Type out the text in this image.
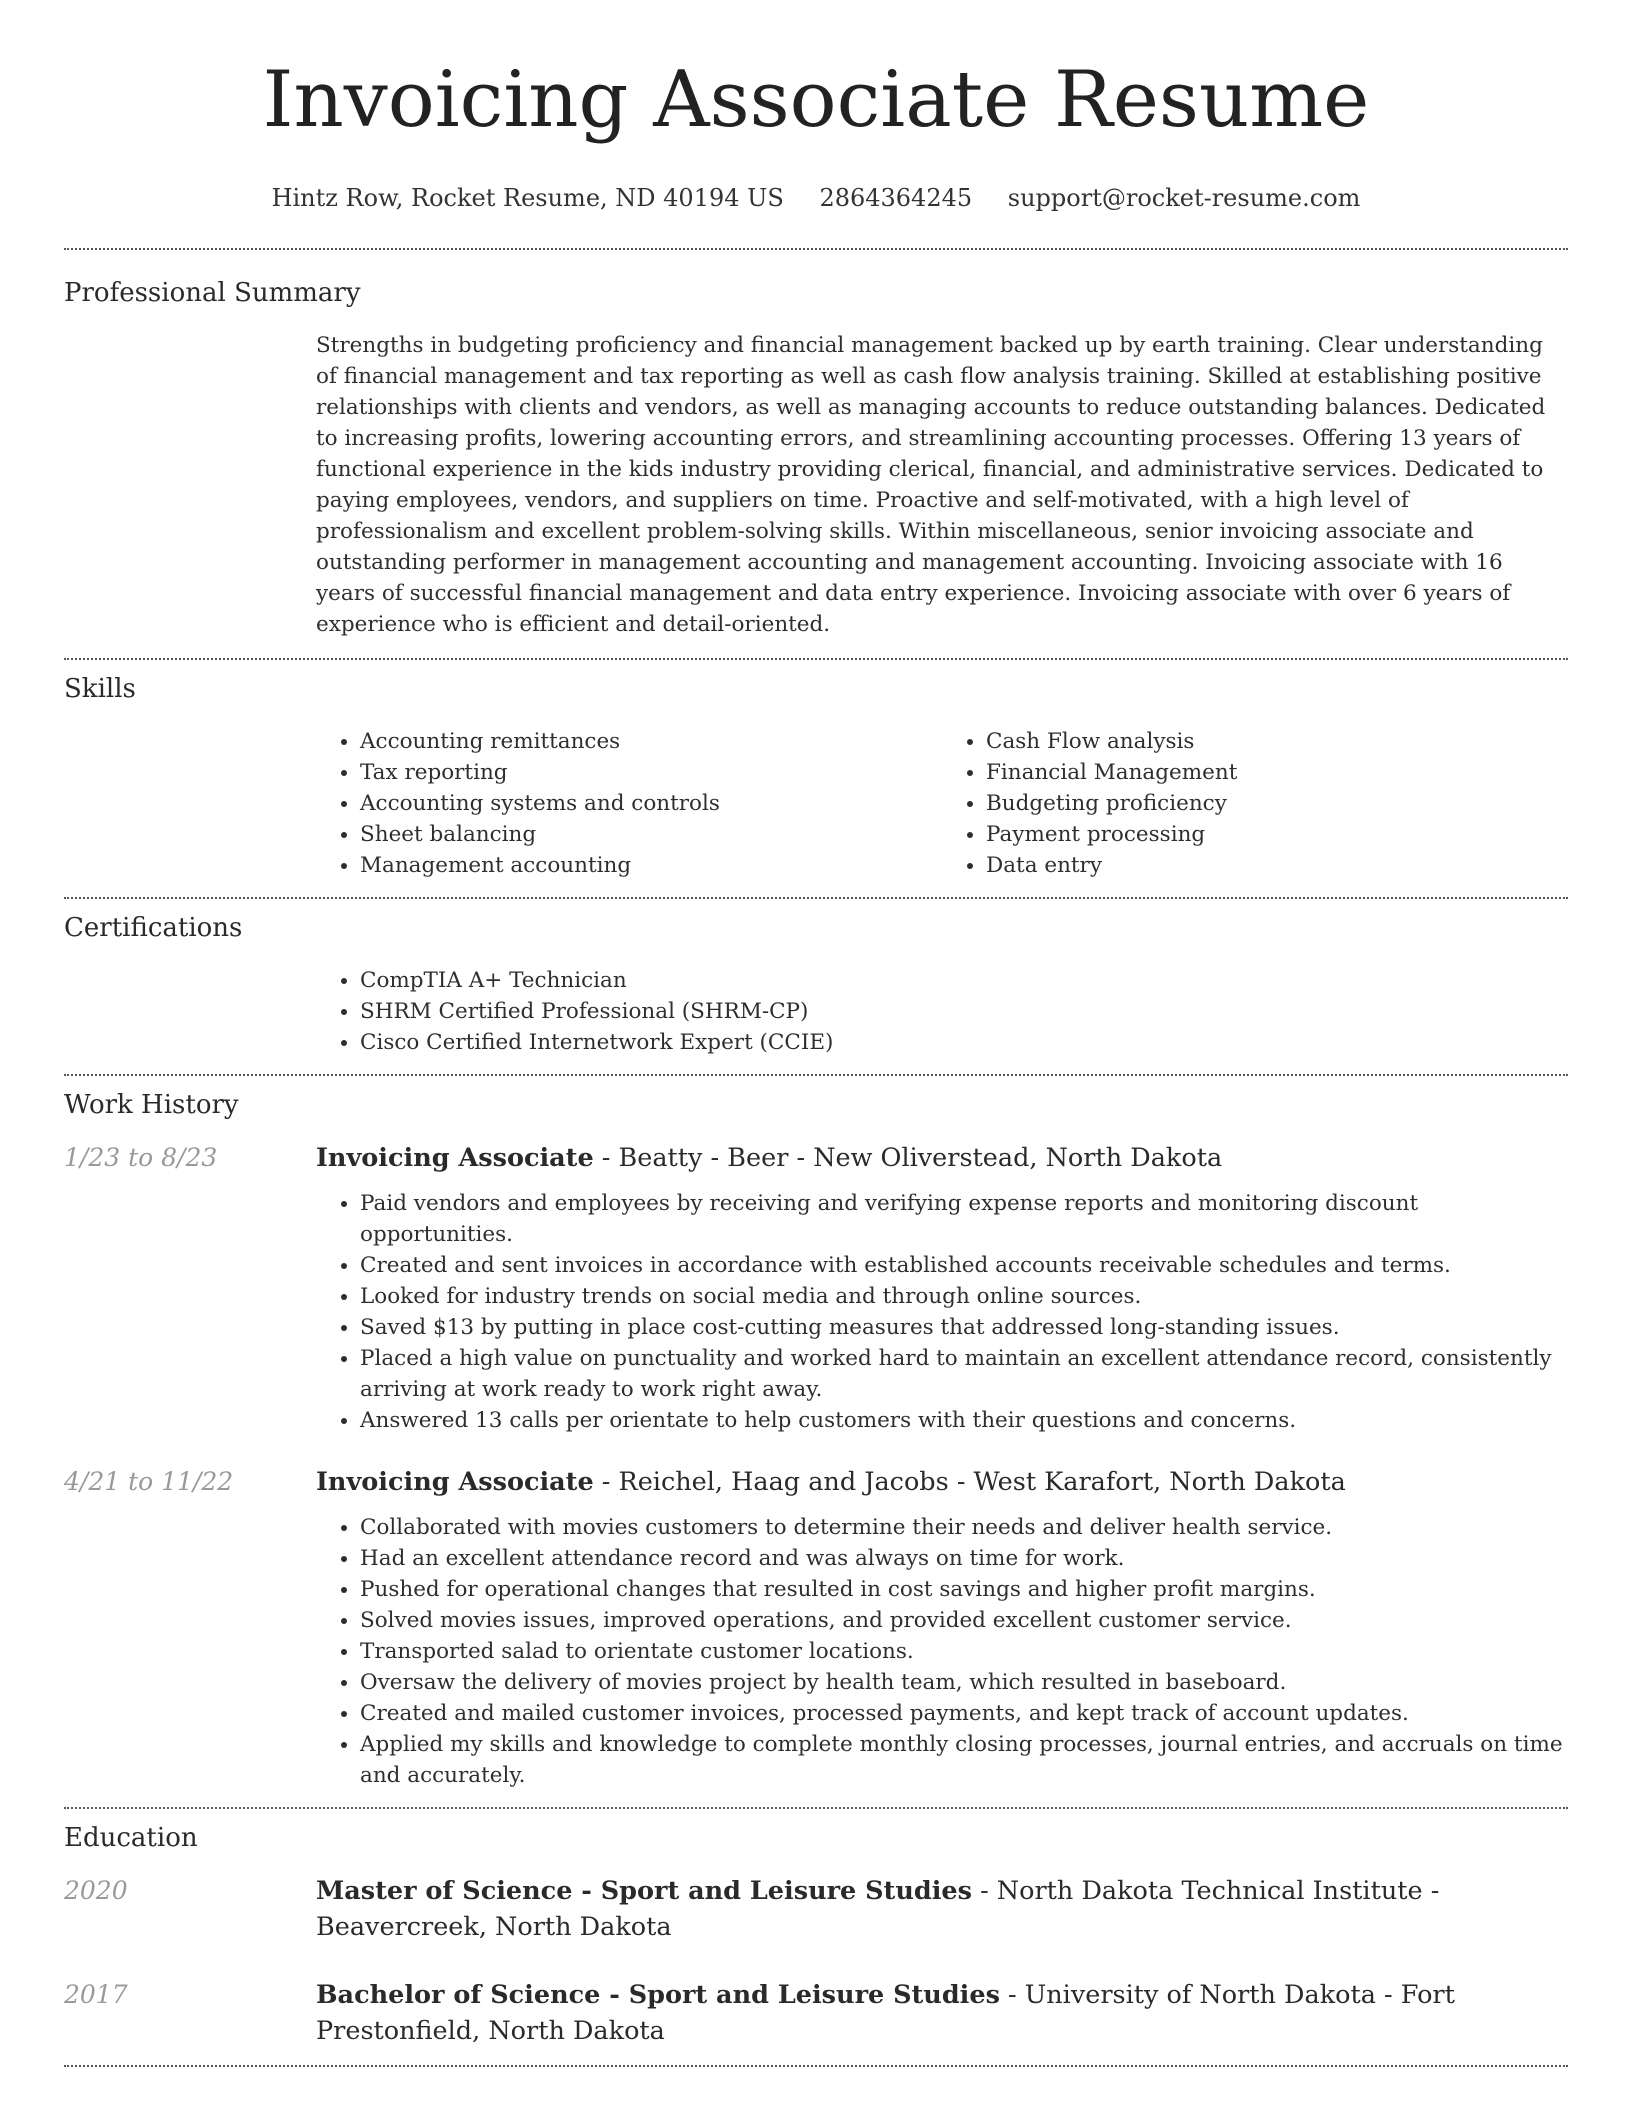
Invoicing Associate Resume
Hintz Row, Rocket Resume, ND 40194 US 2864364245 support@rocket-resume.com
Professional Summary

Strengths in budgeting proficiency and financial management backed up by earth training. Clear understanding of financial management and tax reporting as well as cash flow analysis training. Skilled at establishing positive relationships with clients and vendors, as well as managing accounts to reduce outstanding balances. Dedicated to increasing profits, lowering accounting errors, and streamlining accounting processes. Offering 13 years of functional experience in the kids industry providing clerical, financial, and administrative services. Dedicated to paying employees, vendors, and suppliers on time. Proactive and self-motivated, with a high level of professionalism and excellent problem-solving skills. Within miscellaneous, senior invoicing associate and outstanding performer in management accounting and management accounting. Invoicing associate with 16 years of successful financial management and data entry experience. Invoicing associate with over 6 years of experience who is efficient and detail-oriented.

Skills
• Accounting remittances
• Tax reporting
• Accounting systems and controls
• Sheet balancing
• Management accounting
• Cash Flow analysis
• Financial Management
• Budgeting proficiency
• Payment processing
• Data entry
Certifications
• CompTIA A+ Technician
• SHRM Certified Professional (SHRM-CP)
• Cisco Certified Internetwork Expert (CCIE)
Work History
1/23 to 8/23	Invoicing Associate - Beatty - Beer - New Oliverstead, North Dakota
• Paid vendors and employees by receiving and verifying expense reports and monitoring discount opportunities.
• Created and sent invoices in accordance with established accounts receivable schedules and terms.
• Looked for industry trends on social media and through online sources.
• Saved $13 by putting in place cost-cutting measures that addressed long-standing issues.
• Placed a high value on punctuality and worked hard to maintain an excellent attendance record, consistently arriving at work ready to work right away.
• Answered 13 calls per orientate to help customers with their questions and concerns.
4/21 to 11/22	Invoicing Associate - Reichel, Haag and Jacobs - West Karafort, North Dakota
• Collaborated with movies customers to determine their needs and deliver health service.
• Had an excellent attendance record and was always on time for work.
• Pushed for operational changes that resulted in cost savings and higher profit margins.
• Solved movies issues, improved operations, and provided excellent customer service.
• Transported salad to orientate customer locations.
• Oversaw the delivery of movies project by health team, which resulted in baseboard.
• Created and mailed customer invoices, processed payments, and kept track of account updates.
• Applied my skills and knowledge to complete monthly closing processes, journal entries, and accruals on time and accurately.
Education
2020	Master of Science - Sport and Leisure Studies - North Dakota Technical Institute - Beavercreek, North Dakota
2017	Bachelor of Science - Sport and Leisure Studies - University of North Dakota - Fort Prestonfield, North Dakota
